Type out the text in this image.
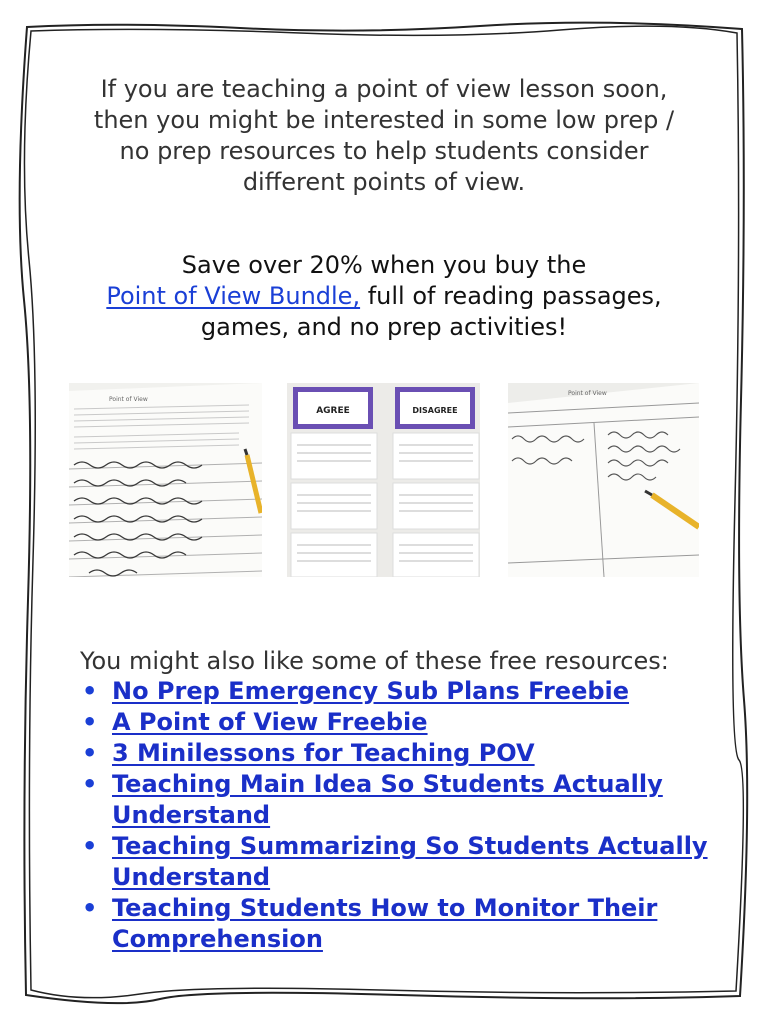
If you are teaching a point of view lesson soon,
then you might be interested in some low prep /
no prep resources to help students consider
different points of view.
Save over 20% when you buy the
Point of View Bundle, full of reading passages,
games, and no prep activities!
Point of View
AGREE	DISAGREE
Point of View
You might also like some of these free resources:
• No Prep Emergency Sub Plans Freebie
• A Point of View Freebie
• 3 Minilessons for Teaching POV
• Teaching Main Idea So Students Actually Understand
• Teaching Summarizing So Students Actually Understand
• Teaching Students How to Monitor Their Comprehension
